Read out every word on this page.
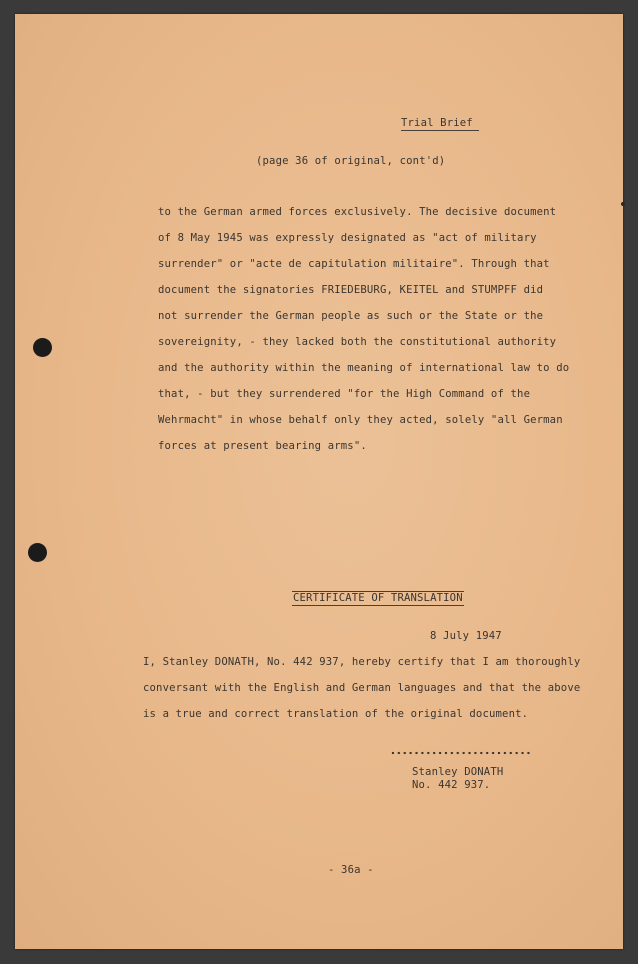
Trial Brief
(page 36 of original, cont'd)
to the German armed forces exclusively. The decisive document
of 8 May 1945 was expressly designated as "act of military
surrender" or "acte de capitulation militaire". Through that
document the signatories FRIEDEBURG, KEITEL and STUMPFF did
not surrender the German people as such or the State or the
sovereignity, - they lacked both the constitutional authority
and the authority within the meaning of international law to do
that, - but they surrendered "for the High Command of the
Wehrmacht" in whose behalf only they acted, solely "all German
forces at present bearing arms".
CERTIFICATE OF TRANSLATION
8 July 1947
I, Stanley DONATH, No. 442 937, hereby certify that I am thoroughly
conversant with the English and German languages and that the above
is a true and correct translation of the original document.
Stanley DONATH
No. 442 937.
- 36a -
